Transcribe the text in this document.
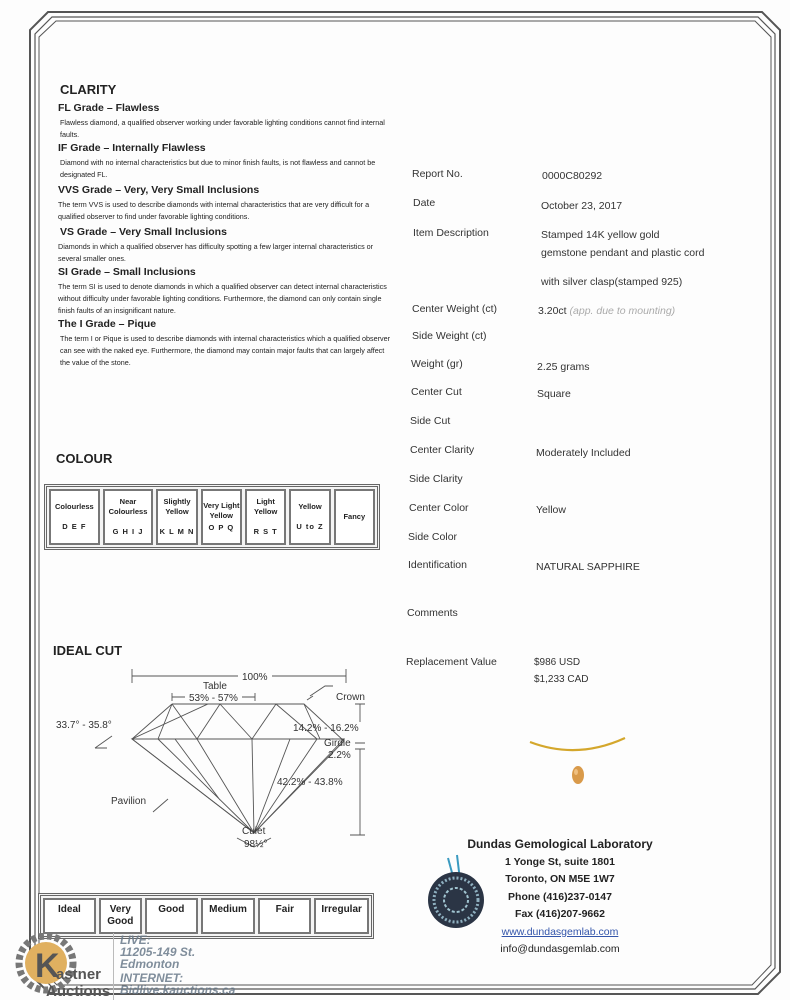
CLARITY
FL Grade – Flawless
Flawless diamond, a qualified observer working under favorable lighting conditions cannot find internal faults.
IF Grade – Internally Flawless
Diamond with no internal characteristics but due to minor finish faults, is not flawless and cannot be designated FL.
VVS Grade – Very, Very Small Inclusions
The term VVS is used to describe diamonds with internal characteristics that are very difficult for a qualified observer to find under favorable lighting conditions.
VS Grade – Very Small Inclusions
Diamonds in which a qualified observer has difficulty spotting a few larger internal characteristics or several smaller ones.
SI Grade – Small Inclusions
The term SI is used to denote diamonds in which a qualified observer can detect internal characteristics without difficulty under favorable lighting conditions. Furthermore, the diamond can only contain single finish faults of an insignificant nature.
The I Grade – Pique
The term I or Pique is used to describe diamonds with internal characteristics which a qualified observer can see with the naked eye. Furthermore, the diamond may contain major faults that can largely affect the value of the stone.
COLOUR
Colourless
D E F
Near Colourless
G H I J
Slightly Yellow
K L M N
Very Light Yellow
O P Q
Light Yellow
R S T
Yellow
U to Z
Fancy
IDEAL CUT
100%
Table
53% - 57%	Crown
33.7° - 35.8°	14.2% - 16.2%
Girdle
2.2%
42.2% - 43.8%
Pavilion
Culet
98½°
Ideal	Very Good
Good	Medium	Fair	Irregular
Report No.	0000C80292
Date	October 23, 2017
Item Description	Stamped 14K yellow gold
gemstone pendant and plastic cord
with silver clasp(stamped 925)
Center Weight (ct)	3.20ct (app. due to mounting)
Side Weight (ct)
Weight (gr)	2.25 grams
Center Cut	Square
Side Cut
Center Clarity	Moderately Included
Side Clarity
Center Color	Yellow
Side Color
Identification	NATURAL SAPPHIRE
Comments
Replacement Value	$986 USD
$1,233 CAD
Dundas Gemological Laboratory
1 Yonge St, suite 1801
Toronto, ON M5E 1W7
Phone (416)237-0147
Fax (416)207-9662
www.dundasgemlab.com
info@dundasgemlab.com
K
astner
Auctions
LIVE:
11205-149 St.
Edmonton
INTERNET:
Bidlive.kauctions.ca
